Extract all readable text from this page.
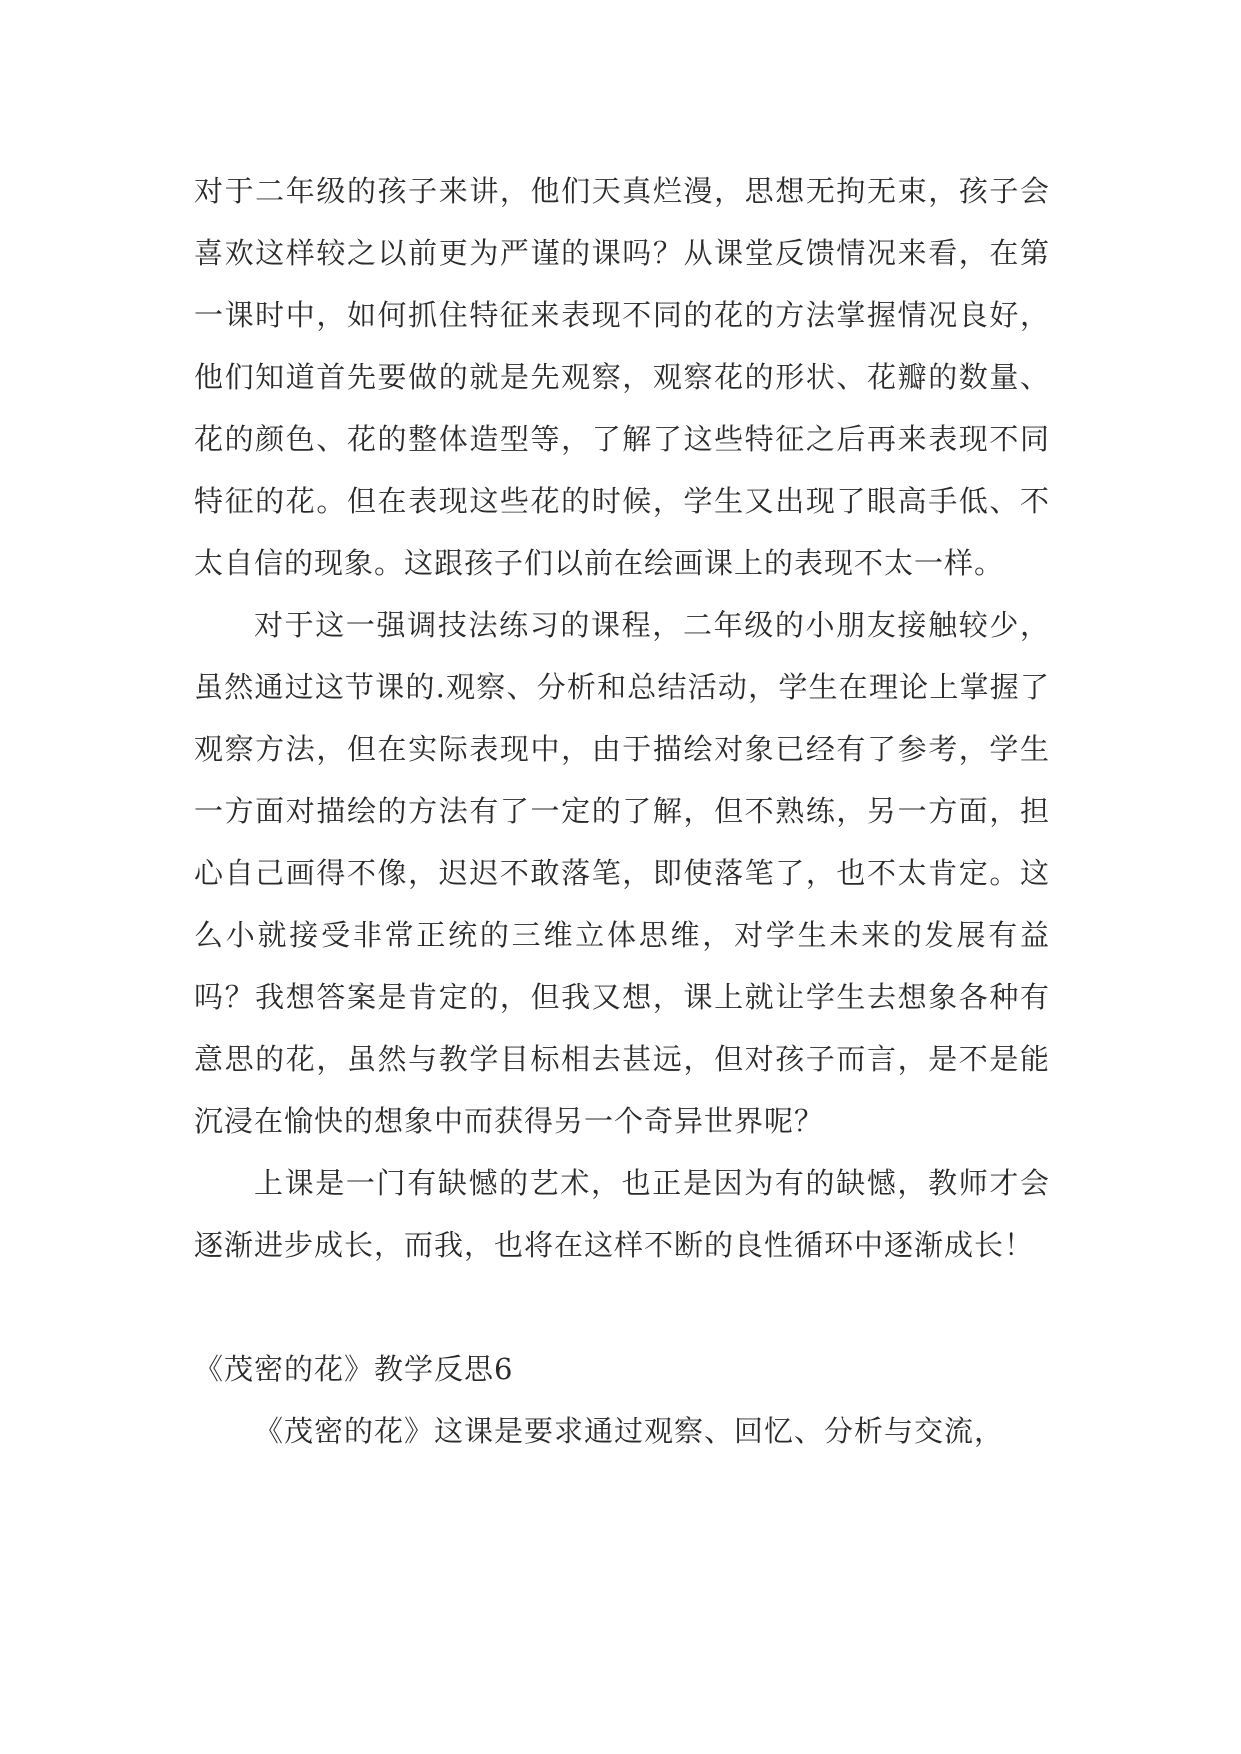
对于二年级的孩子来讲，他们天真烂漫，思想无拘无束，孩子会喜欢这样较之以前更为严谨的课吗？从课堂反馈情况来看，在第一课时中，如何抓住特征来表现不同的花的方法掌握情况良好，他们知道首先要做的就是先观察，观察花的形状、花瓣的数量、花的颜色、花的整体造型等，了解了这些特征之后再来表现不同特征的花。但在表现这些花的时候，学生又出现了眼高手低、不太自信的现象。这跟孩子们以前在绘画课上的表现不太一样。

对于这一强调技法练习的课程，二年级的小朋友接触较少，虽然通过这节课的.观察、分析和总结活动，学生在理论上掌握了观察方法，但在实际表现中，由于描绘对象已经有了参考，学生一方面对描绘的方法有了一定的了解，但不熟练，另一方面，担心自己画得不像，迟迟不敢落笔，即使落笔了，也不太肯定。这么小就接受非常正统的三维立体思维，对学生未来的发展有益吗？我想答案是肯定的，但我又想，课上就让学生去想象各种有意思的花，虽然与教学目标相去甚远，但对孩子而言，是不是能沉浸在愉快的想象中而获得另一个奇异世界呢？

上课是一门有缺憾的艺术，也正是因为有的缺憾，教师才会逐渐进步成长，而我，也将在这样不断的良性循环中逐渐成长！

《茂密的花》教学反思6

《茂密的花》这课是要求通过观察、回忆、分析与交流，
